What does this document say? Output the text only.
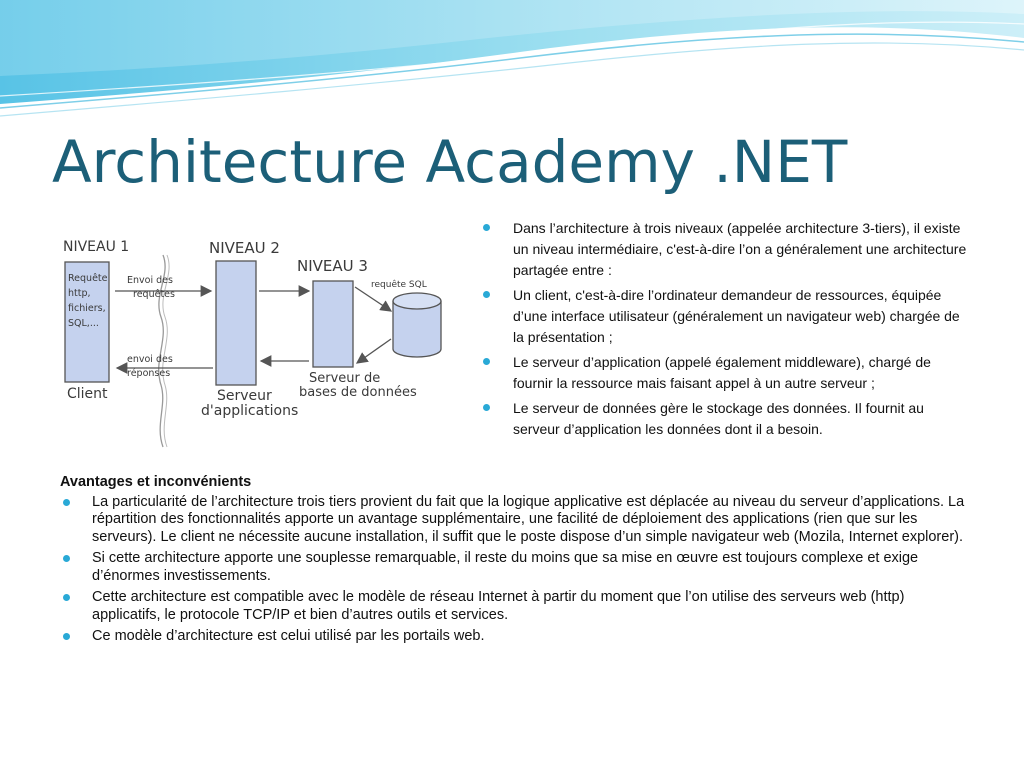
Architecture Academy .NET
NIVEAU 1	NIVEAU 2
NIVEAU 3
Requête
http,
fichiers,
SQL,...
Client
Envoi des
requêtes
envoi des
réponses
Serveur
d'applications
Serveur de
bases de données
requête SQL
Dans l’architecture à trois niveaux (appelée architecture 3-tiers), il existe un niveau intermédiaire, c'est-à-dire l’on a généralement une architecture partagée entre :
Un client, c'est-à-dire l’ordinateur demandeur de ressources, équipée d’une interface utilisateur (généralement un navigateur web) chargée de la présentation ;
Le serveur d’application (appelé également middleware), chargé de fournir la ressource mais faisant appel à un autre serveur ;
Le serveur de données gère le stockage des données. Il fournit au serveur d’application les données dont il a besoin.
Avantages et inconvénients
La particularité de l’architecture trois tiers provient du fait que la logique applicative est déplacée au niveau du serveur d’applications. La répartition des fonctionnalités apporte un avantage supplémentaire, une facilité de déploiement des applications (rien que sur les serveurs). Le client ne nécessite aucune installation, il suffit que le poste dispose d’un simple navigateur web (Mozila, Internet explorer).
Si cette architecture apporte une souplesse remarquable, il reste du moins que sa mise en œuvre est toujours complexe et exige d’énormes investissements.
Cette architecture est compatible avec le modèle de réseau Internet à partir du moment que l’on utilise des serveurs web (http) applicatifs, le protocole TCP/IP et bien d’autres outils et services.
Ce modèle d’architecture est celui utilisé par les portails web.
